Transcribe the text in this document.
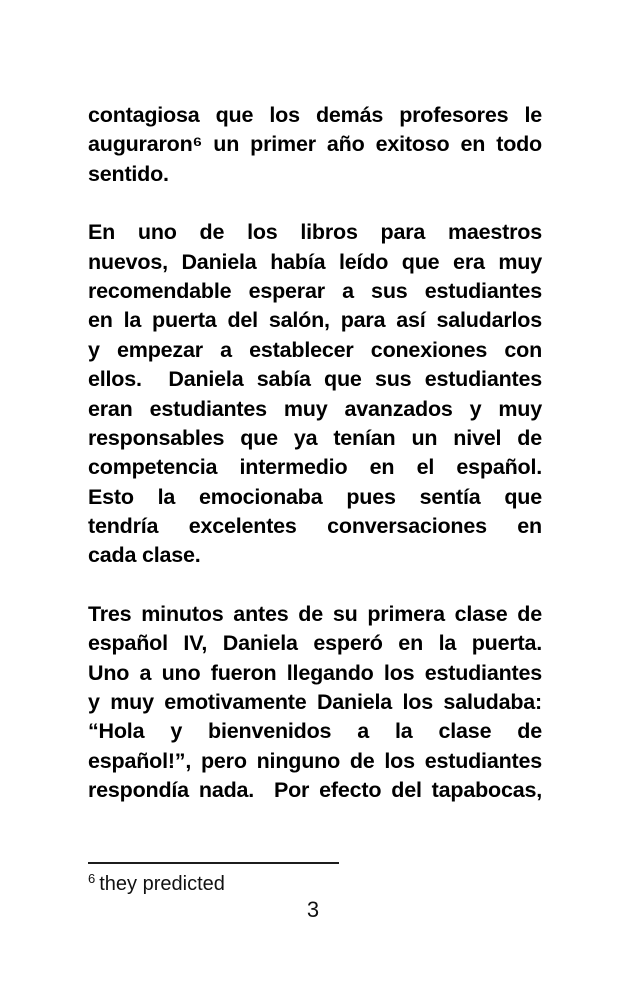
contagiosa que los demás profesores le
auguraron⁶ un primer año exitoso en todo
sentido.
En uno de los libros para maestros
nuevos, Daniela había leído que era muy
recomendable esperar a sus estudiantes
en la puerta del salón, para así saludarlos
y empezar a establecer conexiones con
ellos.  Daniela sabía que sus estudiantes
eran estudiantes muy avanzados y muy
responsables que ya tenían un nivel de
competencia intermedio en el español.
Esto la emocionaba pues sentía que
tendría excelentes conversaciones en
cada clase.
Tres minutos antes de su primera clase de
español IV, Daniela esperó en la puerta.
Uno a uno fueron llegando los estudiantes
y muy emotivamente Daniela los saludaba:
“Hola y bienvenidos a la clase de
español!”, pero ninguno de los estudiantes
respondía nada.  Por efecto del tapabocas,
$^6$ they predicted
3
